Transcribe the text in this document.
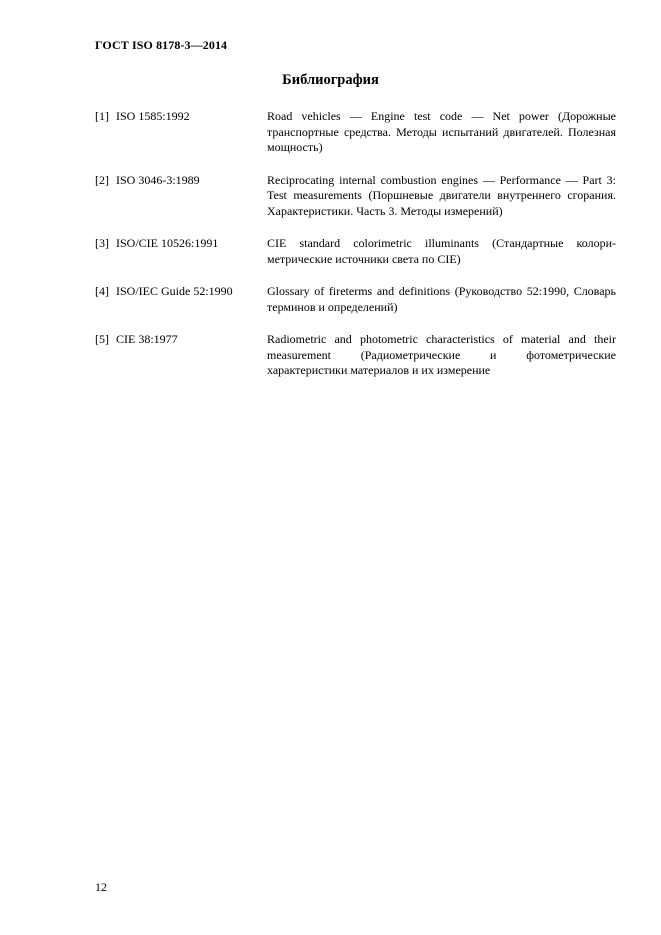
ГОСТ ISO 8178-3—2014
Библиография
[1] ISO 1585:1992	Road vehicles — Engine test code — Net power (Дорожные транспортные средства. Методы испытаний двигателей. Полезная мощность)
[2] ISO 3046-3:1989	Reciprocating internal combustion engines — Performance — Part 3: Test measurements (Поршневые двигатели внутреннего сгорания. Характеристики. Часть 3. Методы измерений)
[3] ISO/CIE 10526:1991	CIE standard colorimetric illuminants (Стандартные колориметрические источники света по CIE)
[4] ISO/IEC Guide 52:1990	Glossary of fireterms and definitions (Руководство 52:1990, Словарь терминов и определений)
[5] CIE 38:1977	Radiometric and photometric characteristics of material and their measurement (Радиометрические и фотометрические характеристики материалов и их измерение
12
